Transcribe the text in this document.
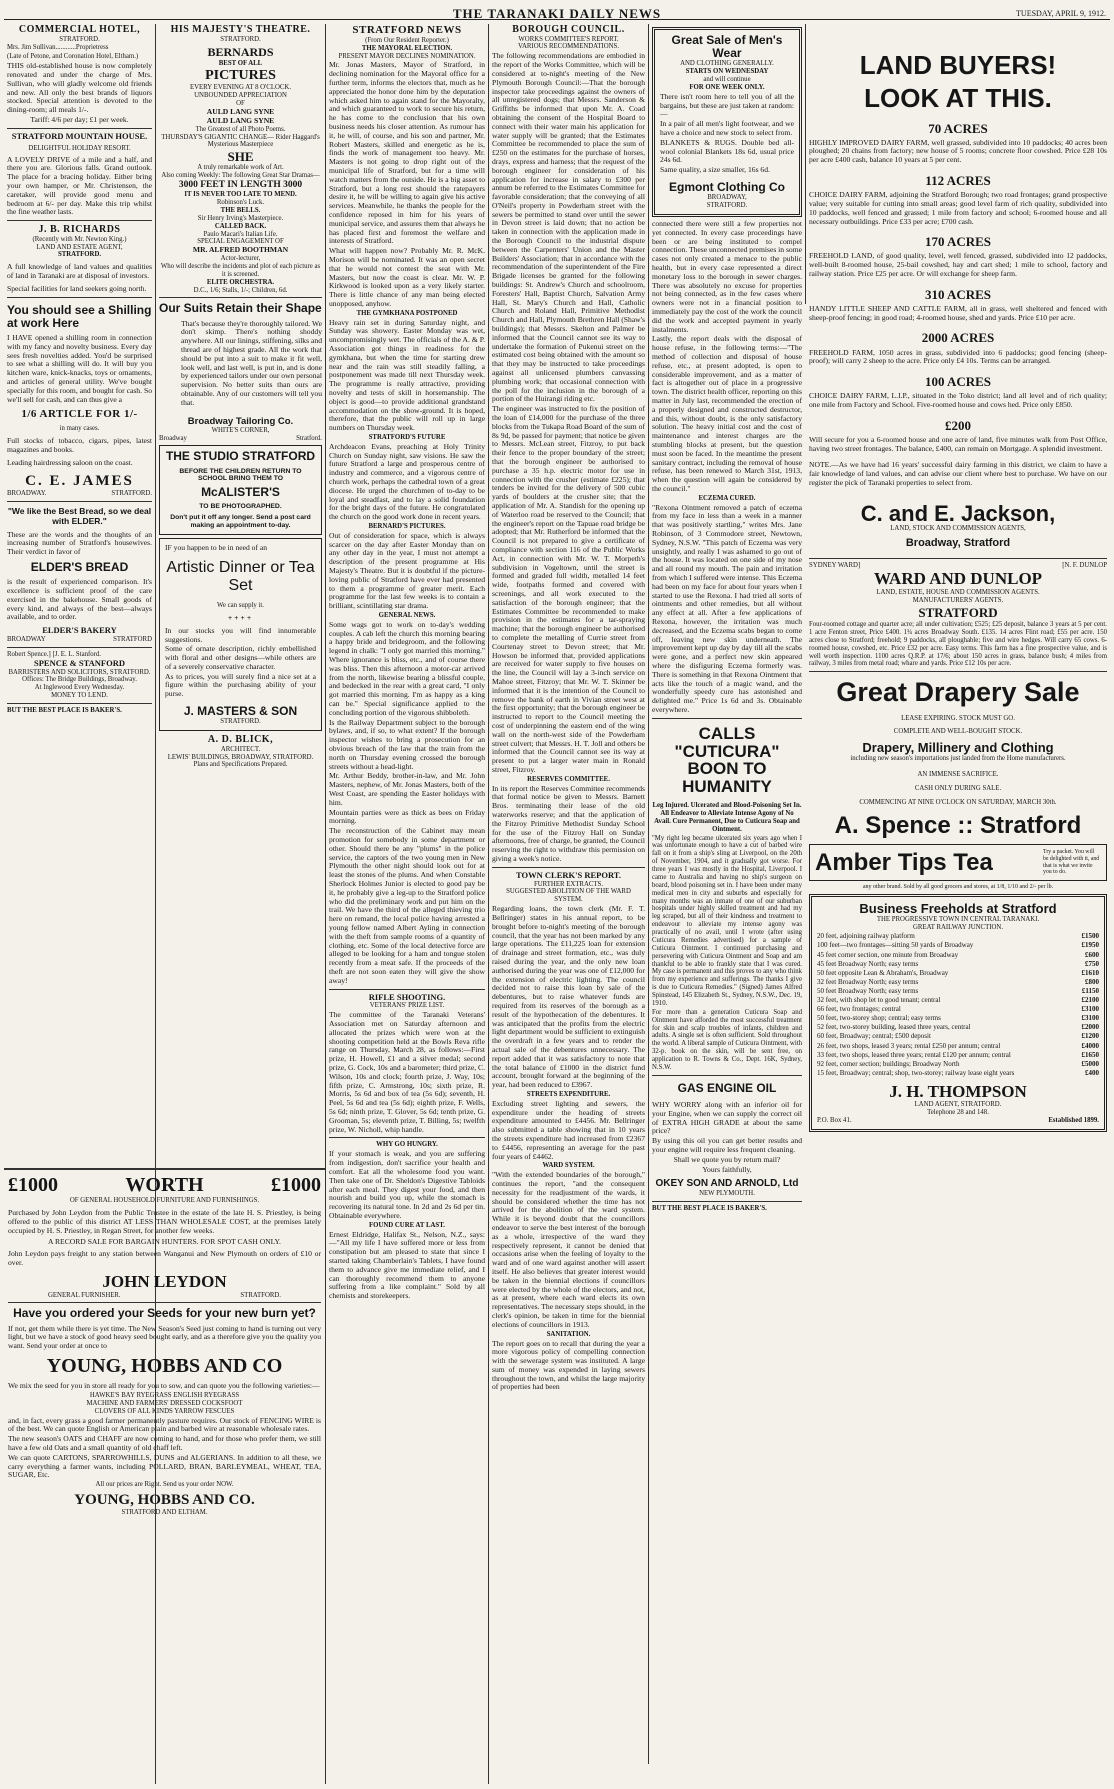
THE TARANAKI DAILY NEWS	TUESDAY, APRIL 9, 1912.
COMMERCIAL HOTEL,
STRATFORD.

Mrs. Jim Sullivan............Proprietress

(Late of Petone, and Coronation Hotel, Eltham.)

THIS old-established house is now completely renovated and under the charge of Mrs. Sullivan, who will gladly welcome old friends and new. All only the best brands of liquors stocked. Special attention is devoted to the dining-room; all meals 1/-.

Tariff: 4/6 per day; £1 per week.

STRATFORD MOUNTAIN HOUSE.
DELIGHTFUL HOLIDAY RESORT.

A LOVELY DRIVE of a mile and a half, and there you are. Glorious falls. Grand outlook. The place for a bracing holiday. Either bring your own hamper, or Mr. Christensen, the caretaker, will provide good menu and bedroom at 6/- per day. Make this trip whilst the fine weather lasts.

J. B. RICHARDS
(Recently with Mr. Newton King.)
LAND AND ESTATE AGENT,
STRATFORD.

A full knowledge of land values and qualities of land in Taranaki are at disposal of investors.

Special facilities for land seekers going north.

You should see a Shilling at work Here

I HAVE opened a shilling room in connection with my fancy and novelty business. Every day sees fresh novelties added. You'd be surprised to see what a shilling will do. It will buy you kitchen ware, knick-knacks, toys or ornaments, and articles of general utility. We've bought specially for this room, and bought for cash. So we'll sell for cash, and can thus give a

1/6 ARTICLE FOR 1/-
in many cases.

Full stocks of tobacco, cigars, pipes, latest magazines and books.

Leading hairdressing saloon on the coast.

C. E. JAMES
BROADWAY.	STRATFORD.
"We like the Best Bread, so we deal with ELDER."

These are the words and the thoughts of an increasing number of Stratford's housewives. Their verdict in favor of

ELDER'S BREAD

is the result of experienced comparison. It's excellence is sufficient proof of the care exercised in the bakehouse. Small goods of every kind, and always of the best—always available, and to order.

ELDER'S BAKERY
BROADWAY	STRATFORD
Robert Spence.] [J. E. L. Stanford.
SPENCE & STANFORD
BARRISTERS AND SOLICITORS, STRATFORD.
Offices: The Bridge Buildings, Broadway.
At Inglewood Every Wednesday.
MONEY TO LEND.
BUT THE BEST PLACE IS BAKER'S.
HIS MAJESTY'S THEATRE.
STRATFORD.
BERNARDS
BEST OF ALL
PICTURES
EVERY EVENING AT 8 O'CLOCK.
UNBOUNDED APPRECIATION
OF
AULD LANG SYNE
AULD LANG SYNE
The Greatest of all Photo Poems.
THURSDAY'S GIGANTIC CHANGE— Rider Haggard's Mysterious Masterpiece
SHE
A truly remarkable work of Art.
Also coming Weekly: The following Great Star Dramas—
3000 FEET IN LENGTH 3000
IT IS NEVER TOO LATE TO MEND.
Robinson's Luck.
THE BELLS.
Sir Henry Irving's Masterpiece.
CALLED BACK.
Paulo Macari's Italian Life.
SPECIAL ENGAGEMENT OF
MR. ALFRED BOOTHMAN
Actor-lecturer,
Who will describe the incidents and plot of each picture as it is screened.
ELITE ORCHESTRA.
D.C., 1/6; Stalls, 1/-; Children, 6d.
Our Suits Retain their Shape

That's because they're thoroughly tailored. We don't skimp. There's nothing shoddy anywhere. All our linings, stiffening, silks and thread are of highest grade. All the work that should be put into a suit to make it fit well, look well, and last well, is put in, and is done by experienced tailors under our own personal supervision. No better suits than ours are obtainable. Any of our customers will tell you that.

Broadway Tailoring Co.
WHITE'S CORNER,
Broadway	Stratford.
THE STUDIO STRATFORD
BEFORE THE CHILDREN RETURN TO SCHOOL BRING THEM TO
McALISTER'S
TO BE PHOTOGRAPHED.
Don't put it off any longer. Send a post card making an appointment to-day.

IF you happen to be in need of an

Artistic Dinner or Tea Set
We can supply it.
++++

In our stocks you will find innumerable suggestions.

Some of ornate description, richly embellished with floral and other designs—while others are of a severely conservative character.

As to prices, you will surely find a nice set at a figure within the purchasing ability of your purse.

J. MASTERS & SON
STRATFORD.
A. D. BLICK,
ARCHITECT.
LEWIS' BUILDINGS, BROADWAY, STRATFORD.
Plans and Specifications Prepared.
£1000	WORTH	£1000
OF GENERAL HOUSEHOLD FURNITURE AND FURNISHINGS.

Purchased by John Leydon from the Public Trustee in the estate of the late H. S. Priestley, is being offered to the public of this district AT LESS THAN WHOLESALE COST, at the premises lately occupied by H. S. Priestley, in Regan Street, for another few weeks.

A RECORD SALE FOR BARGAIN HUNTERS. FOR SPOT CASH ONLY.

John Leydon pays freight to any station between Wanganui and New Plymouth on orders of £10 or over.

JOHN LEYDON
GENERAL FURNISHER.	STRATFORD.
Have you ordered your Seeds for your new burn yet?

If not, get them while there is yet time. The New Season's Seed just coming to hand is turning out very light, but we have a stock of good heavy seed bought early, and as a therefore give you the quality you want. Send your order at once to

YOUNG, HOBBS AND CO

We mix the seed for you in store all ready for you to sow, and can quote you the following varieties:—

HAWKE'S BAY RYEGRASS ENGLISH RYEGRASS
MACHINE AND FARMERS' DRESSED COCKSFOOT
CLOVERS OF ALL KINDS YARROW FESCUES

and, in fact, every grass a good farmer permanently pasture requires. Our stock of FENCING WIRE is of the best. We can quote English or American plain and barbed wire at reasonable wholesale rates.

The new season's OATS and CHAFF are now coming to hand, and for those who prefer them, we still have a few old Oats and a small quantity of old chaff left.

We can quote CARTONS, SPARROWHILLS, DUNS and ALGERIANS. In addition to all these, we carry everything a farmer wants, including POLLARD, BRAN, BARLEYMEAL, WHEAT, TEA, SUGAR, Etc.

All our prices are Right. Send us your order NOW.
YOUNG, HOBBS AND CO.
STRATFORD AND ELTHAM.
STRATFORD NEWS
(From Our Resident Reporter.)
THE MAYORAL ELECTION.
PRESENT MAYOR DECLINES NOMINATION.

Mr. Jonas Masters, Mayor of Stratford, in declining nomination for the Mayoral office for a further term, informs the electors that, much as he appreciated the honor done him by the deputation which asked him to again stand for the Mayoralty, and which guaranteed to work to secure his return, he has come to the conclusion that his own business needs his closer attention. As rumour has it, he will, of course, and his son and partner, Mr. Robert Masters, skilled and energetic as he is, finds the work of management too heavy. Mr. Masters is not going to drop right out of the municipal life of Stratford, but for a time will watch matters from the outside. He is a big asset to Stratford, but a long rest should the ratepayers desire it, he will be willing to again give his active services. Meanwhile, he thanks the people for the confidence reposed in him for his years of municipal service, and assures them that always he has placed first and foremost the welfare and interests of Stratford.

What will happen now? Probably Mr. R. McK. Morison will be nominated. It was an open secret that he would not contest the seat with Mr. Masters, but now the coast is clear. Mr. W. P. Kirkwood is looked upon as a very likely starter. There is little chance of any man being elected unopposed, anyhow.

THE GYMKHANA POSTPONED

Heavy rain set in during Saturday night, and Sunday was showery. Easter Monday was wet, uncompromisingly wet. The officials of the A. & P. Association got things in readiness for the gymkhana, but when the time for starting drew near and the rain was still steadily falling, a postponement was made till next Thursday week. The programme is really attractive, providing novelty and tests of skill in horsemanship. The object is good—to provide additional grandstand accommodation on the show-ground. It is hoped, therefore, that the public will roll up in large numbers on Thursday week.

STRATFORD'S FUTURE

Archdeacon Evans, preaching at Holy Trinity Church on Sunday night, saw visions. He saw the future Stratford a large and prosperous centre of industry and commerce, and a vigorous centre of church work, perhaps the cathedral town of a great diocese. He urged the churchmen of to-day to be loyal and steadfast, and to lay a solid foundation for the bright days of the future. He congratulated the church on the good work done in recent years.

BERNARD'S PICTURES.

Out of consideration for space, which is always scarcer on the day after Easter Monday than on any other day in the year, I must not attempt a description of the present programme at His Majesty's Theatre. But it is doubtful if the picture-loving public of Stratford have ever had presented to them a programme of greater merit. Each programme for the last few weeks is to contain a brilliant, scintillating star drama.

GENERAL NEWS.

Some wags got to work on to-day's wedding couples. A cab left the church this morning bearing a happy bride and bridegroom, and the following legend in chalk: "I only got married this morning." Where ignorance is bliss, etc., and of course there was bliss. Then this afternoon a motor-car arrived from the north, likewise bearing a blissful couple, and bedecked in the rear with a great card, "I only got married this morning. I'm as happy as a king can be." Special significance applied to the concluding portion of the vigorous shibboleth.

Is the Railway Department subject to the borough bylaws, and, if so, to what extent? If the borough inspector wishes to bring a prosecution for an obvious breach of the law that the train from the north on Thursday evening crossed the borough streets without a head-light.

Mr. Arthur Beddy, brother-in-law, and Mr. John Masters, nephew, of Mr. Jonas Masters, both of the West Coast, are spending the Easter holidays with him.

Mountain parties were as thick as bees on Friday morning.

The reconstruction of the Cabinet may mean promotion for somebody in some department or other. Should there be any "plums" in the police service, the captors of the two young men in New Plymouth the other night should look out for at least the stones of the plums. And when Constable Sherlock Holmes Junior is elected to good pay be it, he probably give a leg-up to the Stratford police who did the preliminary work and put him on the trail. We have the third of the alleged thieving trio here on remand, the local police having arrested a young fellow named Albert Ayling in connection with the theft from sample rooms of a quantity of clothing, etc. Some of the local detective force are alleged to be looking for a ham and tongue stolen recently from a meat safe. If the proceeds of the theft are not soon eaten they will give the show away!

RIFLE SHOOTING.
VETERANS' PRIZE LIST.

The committee of the Taranaki Veterans' Association met on Saturday afternoon and allocated the prizes which were won at the shooting competition held at the Bowls Reva rifle range on Thursday, March 28, as follows:—First prize, H. Howell, £1 and a silver medal; second prize, G. Cock, 10s and a barometer; third prize, C. Wilson, 10s and clock; fourth prize, J. Way, 10s; fifth prize, C. Armstrong, 10s; sixth prize, R. Morris, 5s 6d and box of tea (5s 6d); seventh, H. Peel, 5s 6d and tea (5s 6d); eighth prize, F. Wells, 5s 6d; ninth prize, T. Glover, 5s 6d; tenth prize, G. Grooman, 5s; eleventh prize, T. Billing, 5s; twelfth prize, W. Nicholl, whip handle.

WHY GO HUNGRY.

If your stomach is weak, and you are suffering from indigestion, don't sacrifice your health and comfort. Eat all the wholesome food you want. Then take one of Dr. Sheldon's Digestive Tabloids after each meal. They digest your food, and then nourish and build you up, while the stomach is recovering its natural tone. In 2d and 2s 6d per tin. Obtainable everywhere.

FOUND CURE AT LAST.

Ernest Eldridge, Halifax St., Nelson, N.Z., says:—"All my life I have suffered more or less from constipation but am pleased to state that since I started taking Chamberlain's Tablets, I have found them to advance give me immediate relief, and I can thoroughly recommend them to anyone suffering from a like complaint." Sold by all chemists and storekeepers.

BOROUGH COUNCIL.
WORKS COMMITTEE'S REPORT.
VARIOUS RECOMMENDATIONS.

The following recommendations are embodied in the report of the Works Committee, which will be considered at to-night's meeting of the New Plymouth Borough Council:—That the borough inspector take proceedings against the owners of all unregistered dogs; that Messrs. Sanderson & Griffiths be informed that upon Mr. A. Coad obtaining the consent of the Hospital Board to connect with their water main his application for water supply will be granted; that the Estimates Committee be recommended to place the sum of £250 on the estimates for the purchase of horses, drays, express and harness; that the request of the borough engineer for consideration of his application for increase in salary to £300 per annum be referred to the Estimates Committee for favorable consideration; that the conveying of all O'Neil's property in Powderham street with the sewers be permitted to stand over until the sewer in Devon street is laid down; that no action be taken in connection with the application made in the Borough Council to the industrial dispute between the Carpenters' Union and the Master Builders' Association; that in accordance with the recommendation of the superintendent of the Fire Brigade licenses be granted for the following buildings: St. Andrew's Church and schoolroom, Foresters' Hall, Baptist Church, Salvation Army Hall, St. Mary's Church and Hall, Catholic Church and Roland Hall, Primitive Methodist Church and Hall, Plymouth Brethren Hall (Shaw's buildings); that Messrs. Skelton and Palmer be informed that the Council cannot see its way to undertake the formation of Pukenui street on the estimated cost being obtained with the amount so that they may be instructed to take proceedings against all unlicensed plumbers canvassing plumbing work; that occasional connection with the poll for the inclusion in the borough of a portion of the Huirangi riding etc.

The engineer was instructed to fix the position of the loan of £14,000 for the purchase of the three blocks from the Tukapa Road Board of the sum of 8s 9d, be passed for payment; that notice be given to Messrs. McLean street, Fitzroy, to put back their fence to the proper boundary of the street; that the borough engineer be authorised to purchase a 35 h.p. electric motor for use in connection with the crusher (estimate £225); that tenders be invited for the delivery of 500 cubic yards of boulders at the crusher site; that the application of Mr. A. Standish for the opening up of Waterloo road be reserved to the Council; that the engineer's report on the Tapuae road bridge be adopted; that Mr. Rutherford be informed that the Council is not prepared to give a certificate of compliance with section 116 of the Public Works Act, in connection with Mr. W. T. Morpeth's subdivision in Vogeltown, until the street is formed and graded full width, metalled 14 feet wide, footpaths formed and covered with screenings, and all work executed to the satisfaction of the borough engineer; that the Estimates Committee be recommended to make provision in the estimates for a tar-spraying machine; that the borough engineer be authorised to complete the metalling of Currie street from Courtenay street to Devon street; that Mr. Howson be informed that, provided applications are received for water supply to five houses on the line, the Council will lay a 3-inch service on Mahoe street, Fitzroy; that Mr. W. T. Skinner be informed that it is the intention of the Council to remove the bank of earth in Vivian street west at the first opportunity; that the borough engineer be instructed to report to the Council meeting the cost of underpinning the eastern end of the wing wall on the north-west side of the Powderham street culvert; that Messrs. H. T. Joll and others be informed that the Council cannot see its way at present to put a larger water main in Ronald street, Fitzroy.

RESERVES COMMITTEE.

In its report the Reserves Committee recommends that formal notice be given to Messrs. Barnett Bros. terminating their lease of the old waterworks reserve; and that the application of the Fitzroy Primitive Methodist Sunday School for the use of the Fitzroy Hall on Sunday afternoons, free of charge, be granted, the Council reserving the right to withdraw this permission on giving a week's notice.

TOWN CLERK'S REPORT.
FURTHER EXTRACTS.
SUGGESTED ABOLITION OF THE WARD SYSTEM.

Regarding loans, the town clerk (Mr. F. T. Bellringer) states in his annual report, to be brought before to-night's meeting of the borough council, that the year has not been marked by any large operations. The £11,225 loan for extension of drainage and street formation, etc., was duly raised during the year, and the only new loan authorised during the year was one of £12,000 for the extension of electric lighting. The council decided not to raise this loan by sale of the debentures, but to raise whatever funds are required from its reserves of the borough as a result of the hypothecation of the debentures. It was anticipated that the profits from the electric light department would be sufficient to extinguish the overdraft in a few years and to render the actual sale of the debentures unnecessary. The report added that it was satisfactory to note that the total balance of £1000 in the district fund account, brought forward at the beginning of the year, had been reduced to £3967.

STREETS EXPENDITURE.

Excluding street lighting and sewers, the expenditure under the heading of streets expenditure amounted to £4456. Mr. Bellringer also submitted a table showing that in 10 years the streets expenditure had increased from £2367 to £4456, representing an average for the past four years of £4462.

WARD SYSTEM.

"With the extended boundaries of the borough," continues the report, "and the consequent necessity for the readjustment of the wards, it should be considered whether the time has not arrived for the abolition of the ward system. While it is beyond doubt that the councillors endeavor to serve the best interest of the borough as a whole, irrespective of the ward they respectively represent, it cannot be denied that occasions arise when the feeling of loyalty to the ward and of one ward against another will assert itself. He also believes that greater interest would be taken in the biennial elections if councillors were elected by the whole of the electors, and not, as at present, where each ward elects its own representatives. The necessary steps should, in the clerk's opinion, be taken in time for the biennial elections of councillors in 1913.

SANITATION.

The report goes on to recall that during the year a more vigorous policy of compelling connection with the sewerage system was instituted. A large sum of money was expended in laying sewers throughout the town, and whilst the large majority of properties had been

Great Sale of Men's Wear
AND CLOTHING GENERALLY.
STARTS ON WEDNESDAY
and will continue
FOR ONE WEEK ONLY.

There isn't room here to tell you of all the bargains, but these are just taken at random:—

In a pair of all men's light footwear, and we have a choice and new stock to select from.

BLANKETS & RUGS. Double bed all-wool colonial Blankets 18s 6d, usual price 24s 6d.

Same quality, a size smaller, 16s 6d.

Egmont Clothing Co
BROADWAY,
STRATFORD.

connected there were still a few properties not yet connected. In every case proceedings have been or are being instituted to compel connection. These unconnected premises in some cases not only created a menace to the public health, but in every case represented a direct monetary loss to the borough in sewer charges. There was absolutely no excuse for properties not being connected, as in the few cases where owners were not in a financial position to immediately pay the cost of the work the council did the work and accepted payment in yearly instalments.

Lastly, the report deals with the disposal of house refuse, in the following terms:—"The method of collection and disposal of house refuse, etc., at present adopted, is open to considerable improvement, and as a matter of fact is altogether out of place in a progressive town. The district health officer, reporting on this matter in July last, recommended the erection of a properly designed and constructed destructor, and this, without doubt, is the only satisfactory solution. The heavy initial cost and the cost of maintenance and interest charges are the stumbling blocks at present, but the question must soon be faced. In the meantime the present sanitary contract, including the removal of house refuse, has been renewed to March 31st, 1913, when the question will again be considered by the council."

ECZEMA CURED.

"Rexona Ointment removed a patch of eczema from my face in less than a week in a manner that was positively startling," writes Mrs. Jane Robinson, of 3 Commodore street, Newtown, Sydney, N.S.W. "This patch of Eczema was very unsightly, and really I was ashamed to go out of the house. It was located on one side of my nose and all round my mouth. The pain and irritation from which I suffered were intense. This Eczema had been on my face for about four years when I started to use the Rexona. I had tried all sorts of ointments and other remedies, but all without any effect at all. After a few applications of Rexona, however, the irritation was much decreased, and the Eczema scabs began to come off, leaving new skin underneath. The improvement kept up day by day till all the scabs were gone, and a perfect new skin appeared where the disfiguring Eczema formerly was. There is something in that Rexona Ointment that acts like the touch of a magic wand, and the wonderfully speedy cure has astonished and delighted me." Price 1s 6d and 3s. Obtainable everywhere.

CALLS "CUTICURA" BOON TO HUMANITY
Leg Injured. Ulcerated and Blood-Poisoning Set In. All Endeavor to Alleviate Intense Agony of No Avail. Cure Permanent, Due to Cuticura Soap and Ointment.

"My right leg became ulcerated six years ago when I was unfortunate enough to have a cut of barbed wire fall on it from a ship's sling at Liverpool, on the 20th of November, 1904, and it gradually got worse. For three years I was mostly in the Hospital, Liverpool. I came to Australia and having no ship's surgeon on board, blood poisoning set in. I have been under many medical men in city and suburbs and especially for many months was an inmate of one of our suburban hospitals under highly skilled treatment and had my leg scraped, but all of their kindness and treatment to endeavour to alleviate my intense agony was practically of no avail, until I wrote (after using Cuticura Remedies advertised) for a sample of Cuticura Ointment. I continued purchasing and persevering with Cuticura Ointment and Soap and am thankful to be able to frankly state that I was cured. My case is permanent and this proves to any who think from my experience and sufferings. The thanks I give is due to Cuticura Remedies." (Signed) James Alfred Spinstead, 145 Elizabeth St., Sydney, N.S.W., Dec. 19, 1910.

For more than a generation Cuticura Soap and Ointment have afforded the most successful treatment for skin and scalp troubles of infants, children and adults. A single set is often sufficient. Sold throughout the world. A liberal sample of Cuticura Ointment, with 32-p. book on the skin, will be sent free, on application to R. Towns & Co., Dept. 16K, Sydney, N.S.W.

GAS ENGINE OIL

WHY WORRY along with an inferior oil for your Engine, when we can supply the correct oil of EXTRA HIGH GRADE at about the same price?

By using this oil you can get better results and your engine will require less frequent cleaning.

Shall we quote you by return mail?

Yours faithfully,

OKEY SON AND ARNOLD, Ltd
NEW PLYMOUTH.
BUT THE BEST PLACE IS BAKER'S.
LAND BUYERS!
LOOK AT THIS.
70 ACRES

HIGHLY IMPROVED DAIRY FARM, well grassed, subdivided into 10 paddocks; 40 acres been ploughed; 20 chains from factory; new house of 5 rooms; concrete floor cowshed. Price £28 10s per acre £400 cash, balance 10 years at 5 per cent.

112 ACRES

CHOICE DAIRY FARM, adjoining the Stratford Borough; two road frontages; grand prospective value; very suitable for cutting into small areas; good level farm of rich quality, subdivided into 10 paddocks, well fenced and grassed; 1 mile from factory and school; 6-roomed house and all necessary outbuildings. Price £33 per acre; £700 cash.

170 ACRES

FREEHOLD LAND, of good quality, level, well fenced, grassed, subdivided into 12 paddocks, well-built 8-roomed house, 25-bail cowshed, hay and cart shed; 1 mile to school, factory and railway station. Price £25 per acre. Or will exchange for sheep farm.

310 ACRES

HANDY LITTLE SHEEP AND CATTLE FARM, all in grass, well sheltered and fenced with sheep-proof fencing; in good road; 4-roomed house, shed and yards. Price £10 per acre.

2000 ACRES

FREEHOLD FARM, 1050 acres in grass, subdivided into 6 paddocks; good fencing (sheep-proof); will carry 2 sheep to the acre. Price only £4 10s. Terms can be arranged.

100 ACRES

CHOICE DAIRY FARM, L.I.P., situated in the Toko district; land all level and of rich quality; one mile from Factory and School. Five-roomed house and cows hed. Price only £850.

£200

Will secure for you a 6-roomed house and one acre of land, five minutes walk from Post Office, having two street frontages. The balance, £400, can remain on Mortgage. A splendid investment.

NOTE.—As we have had 16 years' successful dairy farming in this district, we claim to have a fair knowledge of land values, and can advise our client where best to purchase. We have on our register the pick of Taranaki properties to select from.

C. and E. Jackson,
LAND, STOCK AND COMMISSION AGENTS,
Broadway, Stratford
SYDNEY WARD]	[N. F. DUNLOP
WARD AND DUNLOP
LAND, ESTATE, HOUSE AND COMMISSION AGENTS.
MANUFACTURERS' AGENTS.
STRATFORD

Four-roomed cottage and quarter acre; all under cultivation; £525; £25 deposit, balance 3 years at 5 per cent. 1 acre Fenton street, Price £400. 1¾ acres Broadway South. £135. 14 acres Flint road; £55 per acre. 150 acres close to Stratford; freehold; 9 paddocks, all ploughable; five and wire hedges. Will carry 65 cows. 6-roomed house, cowshed, etc. Price £32 per acre. Easy terms. This farm has a fine prospective value, and is well worth inspection. 1100 acres Q.R.P. at 17/6; about 150 acres in grass, balance bush; 4 miles from railway, 3 miles from metal road; whare and yards. Price £12 10s per acre.

Great Drapery Sale
LEASE EXPIRING. STOCK MUST GO.
COMPLETE AND WELL-BOUGHT STOCK.
Drapery, Millinery and Clothing
including new season's importations just landed from the Home manufacturers.
AN IMMENSE SACRIFICE.
CASH ONLY DURING SALE.
COMMENCING AT NINE O'CLOCK ON SATURDAY, MARCH 30th.
A. Spence :: Stratford
Amber Tips Tea	Try a packet. You will be delighted with it, and that is what we invite you to do.
any other brand. Sold by all good grocers and stores, at 1/8, 1/10 and 2/- per lb.
Business Freeholds at Stratford
THE PROGRESSIVE TOWN IN CENTRAL TARANAKI.
GREAT RAILWAY JUNCTION.
20 feet, adjoining railway platform	£1500
100 feet—two frontages—sitting 50 yards of Broadway	£1950
45 feet corner section, one minute from Broadway	£600
45 feet Broadway North; easy terms	£750
50 feet opposite Lean & Abraham's, Broadway	£1610
32 feet Broadway North; easy terms	£800
50 feet Broadway North; easy terms	£1150
32 feet, with shop let to good tenant; central	£2100
66 feet, two frontages; central	£3100
50 feet, two-storey shop; central; easy terms	£3100
52 feet, two-storey building, leased three years, central	£2000
60 feet, Broadway; central; £500 deposit	£1200
26 feet, two shops, leased 3 years; rental £250 per annum; central	£4000
33 feet, two shops, leased three years; rental £120 per annum; central	£1650
92 feet, corner section; buildings; Broadway North	£5000
15 feet, Broadway; central; shop, two-storey; railway lease eight years	£400
J. H. THOMPSON
LAND AGENT, STRATFORD.
Telephone 28 and 148.
P.O. Box 41.	Established 1899.
